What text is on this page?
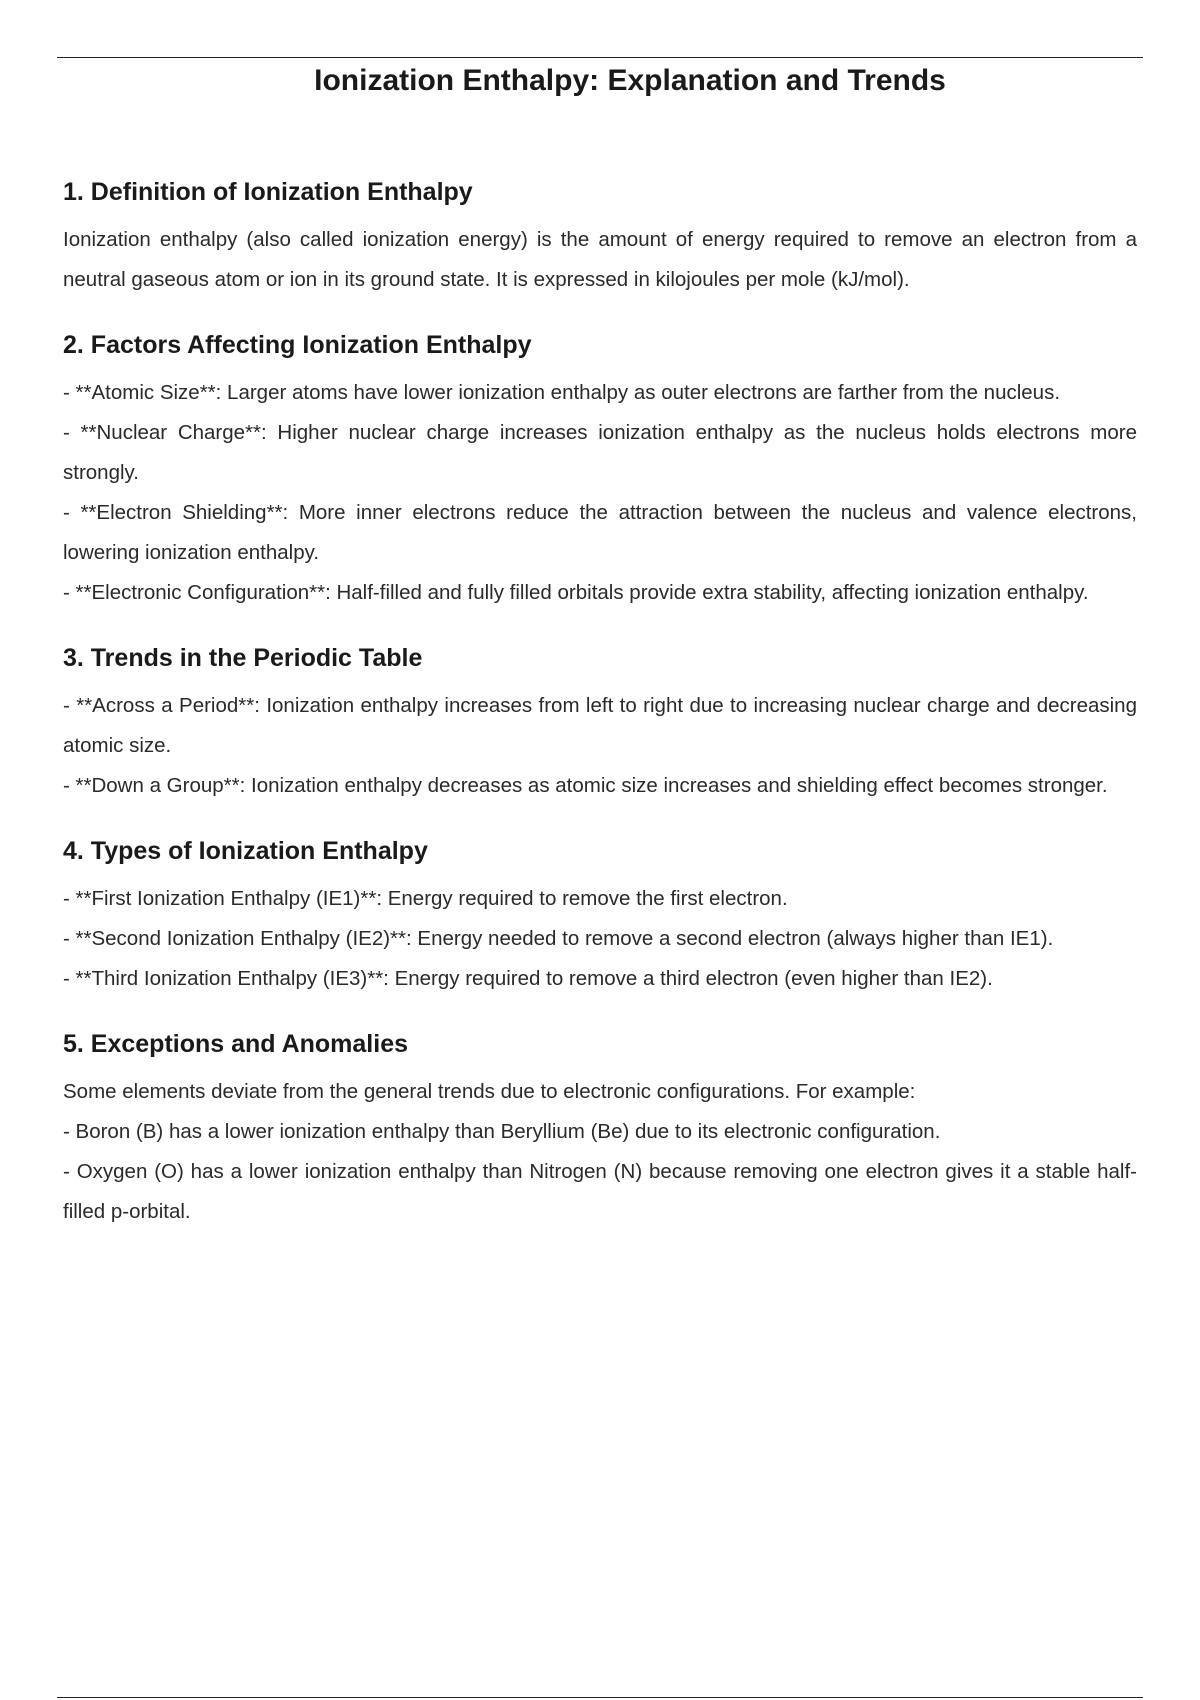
Ionization Enthalpy: Explanation and Trends
1. Definition of Ionization Enthalpy

Ionization enthalpy (also called ionization energy) is the amount of energy required to remove an electron from a neutral gaseous atom or ion in its ground state. It is expressed in kilojoules per mole (kJ/mol).

2. Factors Affecting Ionization Enthalpy

- **Atomic Size**: Larger atoms have lower ionization enthalpy as outer electrons are farther from the nucleus.

- **Nuclear Charge**: Higher nuclear charge increases ionization enthalpy as the nucleus holds electrons more strongly.

- **Electron Shielding**: More inner electrons reduce the attraction between the nucleus and valence electrons, lowering ionization enthalpy.

- **Electronic Configuration**: Half-filled and fully filled orbitals provide extra stability, affecting ionization enthalpy.

3. Trends in the Periodic Table

- **Across a Period**: Ionization enthalpy increases from left to right due to increasing nuclear charge and decreasing atomic size.

- **Down a Group**: Ionization enthalpy decreases as atomic size increases and shielding effect becomes stronger.

4. Types of Ionization Enthalpy

- **First Ionization Enthalpy (IE1)**: Energy required to remove the first electron.

- **Second Ionization Enthalpy (IE2)**: Energy needed to remove a second electron (always higher than IE1).

- **Third Ionization Enthalpy (IE3)**: Energy required to remove a third electron (even higher than IE2).

5. Exceptions and Anomalies

Some elements deviate from the general trends due to electronic configurations. For example:

- Boron (B) has a lower ionization enthalpy than Beryllium (Be) due to its electronic configuration.

- Oxygen (O) has a lower ionization enthalpy than Nitrogen (N) because removing one electron gives it a stable half-filled p-orbital.
